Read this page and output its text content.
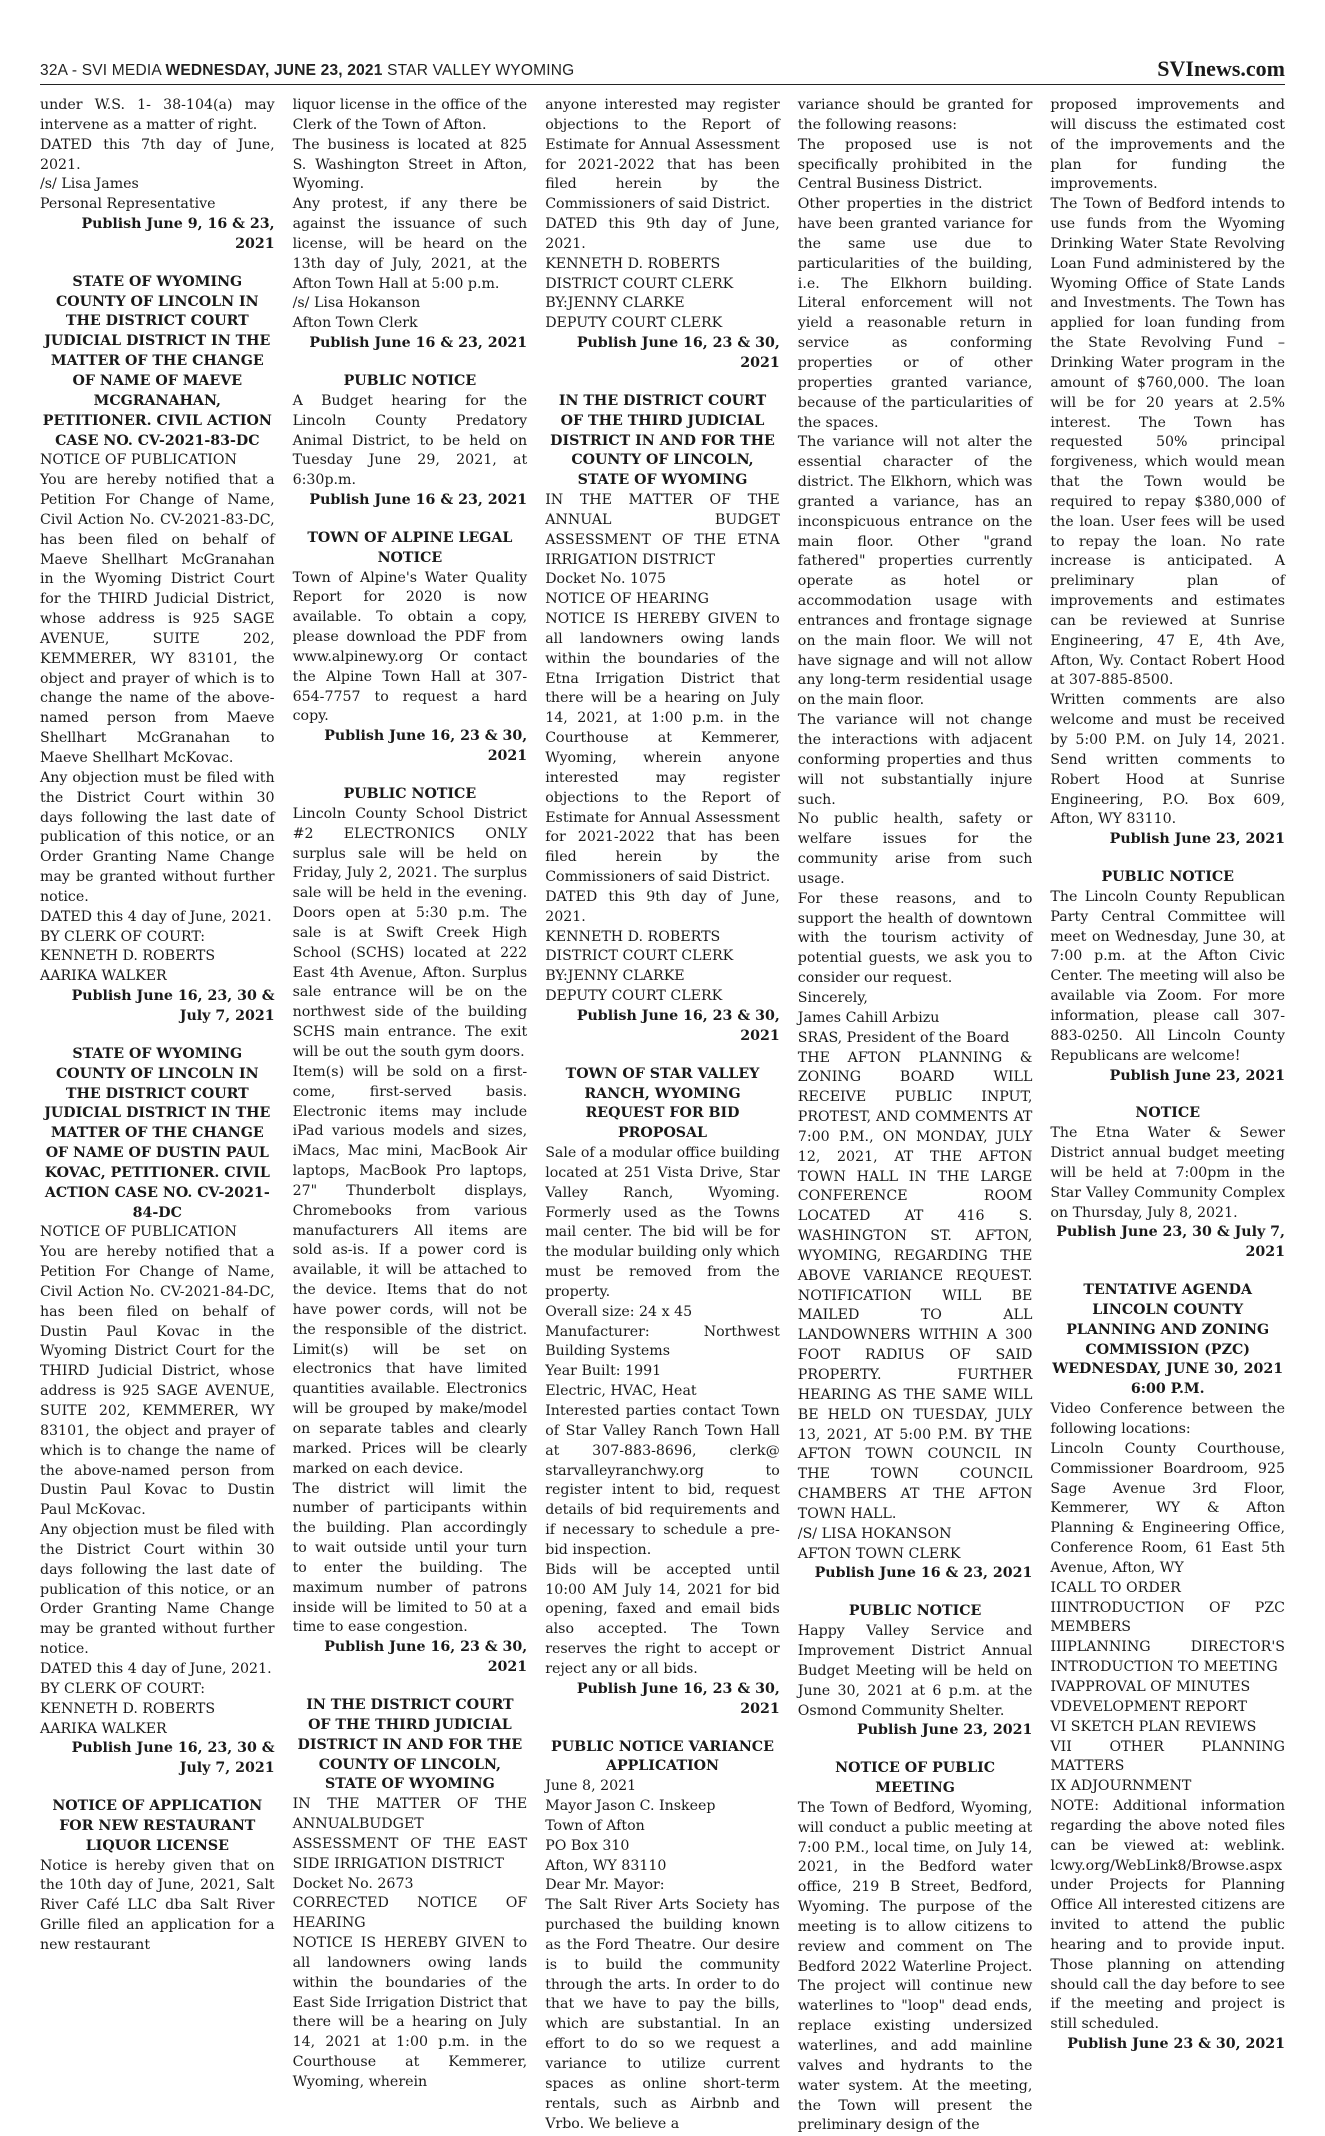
32A - SVI MEDIA WEDNESDAY, JUNE 23, 2021 STAR VALLEY WYOMING	SVInews.com

under W.S. 1- 38-104(a) may intervene as a matter of right.

DATED this 7th day of June, 2021.

/s/ Lisa James

Personal Representative

Publish June 9, 16 & 23, 2021

STATE OF WYOMING COUNTY OF LINCOLN IN THE DISTRICT COURT JUDICIAL DISTRICT IN THE MATTER OF THE CHANGE OF NAME OF MAEVE MCGRANAHAN, PETITIONER. CIVIL ACTION CASE NO. CV-2021-83-DC

NOTICE OF PUBLICATION

You are hereby notified that a Petition For Change of Name, Civil Action No. CV-2021-83-DC, has been filed on behalf of Maeve Shellhart McGranahan in the Wyoming District Court for the THIRD Judicial District, whose address is 925 SAGE AVENUE, SUITE 202, KEMMERER, WY 83101, the object and prayer of which is to change the name of the above-named person from Maeve Shellhart McGranahan to Maeve Shellhart McKovac.

Any objection must be filed with the District Court within 30 days following the last date of publication of this notice, or an Order Granting Name Change may be granted without further notice.

DATED this 4 day of June, 2021.

BY CLERK OF COURT:

KENNETH D. ROBERTS

AARIKA WALKER

Publish June 16, 23, 30 & July 7, 2021

STATE OF WYOMING COUNTY OF LINCOLN IN THE DISTRICT COURT JUDICIAL DISTRICT IN THE MATTER OF THE CHANGE OF NAME OF DUSTIN PAUL KOVAC, PETITIONER. CIVIL ACTION CASE NO. CV-2021-84-DC

NOTICE OF PUBLICATION

You are hereby notified that a Petition For Change of Name, Civil Action No. CV-2021-84-DC, has been filed on behalf of Dustin Paul Kovac in the Wyoming District Court for the THIRD Judicial District, whose address is 925 SAGE AVENUE, SUITE 202, KEMMERER, WY 83101, the object and prayer of which is to change the name of the above-named person from Dustin Paul Kovac to Dustin Paul McKovac.

Any objection must be filed with the District Court within 30 days following the last date of publication of this notice, or an Order Granting Name Change may be granted without further notice.

DATED this 4 day of June, 2021.

BY CLERK OF COURT:

KENNETH D. ROBERTS

AARIKA WALKER

Publish June 16, 23, 30 & July 7, 2021

NOTICE OF APPLICATION FOR NEW RESTAURANT LIQUOR LICENSE

Notice is hereby given that on the 10th day of June, 2021, Salt River Café LLC dba Salt River Grille filed an application for a new restaurant

liquor license in the office of the Clerk of the Town of Afton.

The business is located at 825 S. Washington Street in Afton, Wyoming.

Any protest, if any there be against the issuance of such license, will be heard on the 13th day of July, 2021, at the Afton Town Hall at 5:00 p.m.

/s/ Lisa Hokanson

Afton Town Clerk

Publish June 16 & 23, 2021

PUBLIC NOTICE

A Budget hearing for the Lincoln County Predatory Animal District, to be held on Tuesday June 29, 2021, at 6:30p.m.

Publish June 16 & 23, 2021

TOWN OF ALPINE LEGAL NOTICE

Town of Alpine's Water Quality Report for 2020 is now available. To obtain a copy, please download the PDF from www.alpinewy.org Or contact the Alpine Town Hall at 307-654-7757 to request a hard copy.

Publish June 16, 23 & 30, 2021

PUBLIC NOTICE

Lincoln County School District #2 ELECTRONICS ONLY surplus sale will be held on Friday, July 2, 2021. The surplus sale will be held in the evening. Doors open at 5:30 p.m. The sale is at Swift Creek High School (SCHS) located at 222 East 4th Avenue, Afton. Surplus sale entrance will be on the northwest side of the building SCHS main entrance. The exit will be out the south gym doors.

Item(s) will be sold on a first-come, first-served basis. Electronic items may include iPad various models and sizes, iMacs, Mac mini, MacBook Air laptops, MacBook Pro laptops, 27" Thunderbolt displays, Chromebooks from various manufacturers All items are sold as-is. If a power cord is available, it will be attached to the device. Items that do not have power cords, will not be the responsible of the district. Limit(s) will be set on electronics that have limited quantities available. Electronics will be grouped by make/model on separate tables and clearly marked. Prices will be clearly marked on each device.

The district will limit the number of participants within the building. Plan accordingly to wait outside until your turn to enter the building. The maximum number of patrons inside will be limited to 50 at a time to ease congestion.

Publish June 16, 23 & 30, 2021

IN THE DISTRICT COURT OF THE THIRD JUDICIAL DISTRICT IN AND FOR THE COUNTY OF LINCOLN, STATE OF WYOMING

IN THE MATTER OF THE ANNUALBUDGET ASSESSMENT OF THE EAST SIDE IRRIGATION DISTRICT

Docket No. 2673

CORRECTED NOTICE OF HEARING

NOTICE IS HEREBY GIVEN to all landowners owing lands within the boundaries of the East Side Irrigation District that there will be a hearing on July 14, 2021 at 1:00 p.m. in the Courthouse at Kemmerer, Wyoming, wherein

anyone interested may register objections to the Report of Estimate for Annual Assessment for 2021-2022 that has been filed herein by the Commissioners of said District.

DATED this 9th day of June, 2021.

KENNETH D. ROBERTS

DISTRICT COURT CLERK

BY:JENNY CLARKE

DEPUTY COURT CLERK

Publish June 16, 23 & 30, 2021

IN THE DISTRICT COURT OF THE THIRD JUDICIAL DISTRICT IN AND FOR THE COUNTY OF LINCOLN, STATE OF WYOMING

IN THE MATTER OF THE ANNUAL BUDGET ASSESSMENT OF THE ETNA IRRIGATION DISTRICT

Docket No. 1075

NOTICE OF HEARING

NOTICE IS HEREBY GIVEN to all landowners owing lands within the boundaries of the Etna Irrigation District that there will be a hearing on July 14, 2021, at 1:00 p.m. in the Courthouse at Kemmerer, Wyoming, wherein anyone interested may register objections to the Report of Estimate for Annual Assessment for 2021-2022 that has been filed herein by the Commissioners of said District.

DATED this 9th day of June, 2021.

KENNETH D. ROBERTS

DISTRICT COURT CLERK

BY:JENNY CLARKE

DEPUTY COURT CLERK

Publish June 16, 23 & 30, 2021

TOWN OF STAR VALLEY RANCH, WYOMING REQUEST FOR BID PROPOSAL

Sale of a modular office building located at 251 Vista Drive, Star Valley Ranch, Wyoming. Formerly used as the Towns mail center. The bid will be for the modular building only which must be removed from the property.

Overall size: 24 x 45

Manufacturer: Northwest Building Systems

Year Built: 1991

Electric, HVAC, Heat

Interested parties contact Town of Star Valley Ranch Town Hall at 307-883-8696, clerk@ starvalleyranchwy.org to register intent to bid, request details of bid requirements and if necessary to schedule a pre-bid inspection.

Bids will be accepted until 10:00 AM July 14, 2021 for bid opening, faxed and email bids also accepted. The Town reserves the right to accept or reject any or all bids.

Publish June 16, 23 & 30, 2021

PUBLIC NOTICE VARIANCE APPLICATION

June 8, 2021

Mayor Jason C. Inskeep

Town of Afton

PO Box 310

Afton, WY 83110

Dear Mr. Mayor:

The Salt River Arts Society has purchased the building known as the Ford Theatre. Our desire is to build the community through the arts. In order to do that we have to pay the bills, which are substantial. In an effort to do so we request a variance to utilize current spaces as online short-term rentals, such as Airbnb and Vrbo. We believe a

variance should be granted for the following reasons:

The proposed use is not specifically prohibited in the Central Business District.

Other properties in the district have been granted variance for the same use due to particularities of the building, i.e. The Elkhorn building. Literal enforcement will not yield a reasonable return in service as conforming properties or of other properties granted variance, because of the particularities of the spaces.

The variance will not alter the essential character of the district. The Elkhorn, which was granted a variance, has an inconspicuous entrance on the main floor. Other "grand fathered" properties currently operate as hotel or accommodation usage with entrances and frontage signage on the main floor. We will not have signage and will not allow any long-term residential usage on the main floor.

The variance will not change the interactions with adjacent conforming properties and thus will not substantially injure such.

No public health, safety or welfare issues for the community arise from such usage.

For these reasons, and to support the health of downtown with the tourism activity of potential guests, we ask you to consider our request.

Sincerely,

James Cahill Arbizu

SRAS, President of the Board

THE AFTON PLANNING & ZONING BOARD WILL RECEIVE PUBLIC INPUT, PROTEST, AND COMMENTS AT 7:00 P.M., ON MONDAY, JULY 12, 2021, AT THE AFTON TOWN HALL IN THE LARGE CONFERENCE ROOM LOCATED AT 416 S. WASHINGTON ST. AFTON, WYOMING, REGARDING THE ABOVE VARIANCE REQUEST. NOTIFICATION WILL BE MAILED TO ALL LANDOWNERS WITHIN A 300 FOOT RADIUS OF SAID PROPERTY. FURTHER HEARING AS THE SAME WILL BE HELD ON TUESDAY, JULY 13, 2021, AT 5:00 P.M. BY THE AFTON TOWN COUNCIL IN THE TOWN COUNCIL CHAMBERS AT THE AFTON TOWN HALL.

/S/ LISA HOKANSON

AFTON TOWN CLERK

Publish June 16 & 23, 2021

PUBLIC NOTICE

Happy Valley Service and Improvement District Annual Budget Meeting will be held on June 30, 2021 at 6 p.m. at the Osmond Community Shelter.

Publish June 23, 2021

NOTICE OF PUBLIC MEETING

The Town of Bedford, Wyoming, will conduct a public meeting at 7:00 P.M., local time, on July 14, 2021, in the Bedford water office, 219 B Street, Bedford, Wyoming. The purpose of the meeting is to allow citizens to review and comment on The Bedford 2022 Waterline Project. The project will continue new waterlines to "loop" dead ends, replace existing undersized waterlines, and add mainline valves and hydrants to the water system. At the meeting, the Town will present the preliminary design of the

proposed improvements and will discuss the estimated cost of the improvements and the plan for funding the improvements.

The Town of Bedford intends to use funds from the Wyoming Drinking Water State Revolving Loan Fund administered by the Wyoming Office of State Lands and Investments. The Town has applied for loan funding from the State Revolving Fund – Drinking Water program in the amount of $760,000. The loan will be for 20 years at 2.5% interest. The Town has requested 50% principal forgiveness, which would mean that the Town would be required to repay $380,000 of the loan. User fees will be used to repay the loan. No rate increase is anticipated. A preliminary plan of improvements and estimates can be reviewed at Sunrise Engineering, 47 E, 4th Ave, Afton, Wy. Contact Robert Hood at 307-885-8500.

Written comments are also welcome and must be received by 5:00 P.M. on July 14, 2021. Send written comments to Robert Hood at Sunrise Engineering, P.O. Box 609, Afton, WY 83110.

Publish June 23, 2021

PUBLIC NOTICE

The Lincoln County Republican Party Central Committee will meet on Wednesday, June 30, at 7:00 p.m. at the Afton Civic Center. The meeting will also be available via Zoom. For more information, please call 307-883-0250. All Lincoln County Republicans are welcome!

Publish June 23, 2021

NOTICE

The Etna Water & Sewer District annual budget meeting will be held at 7:00pm in the Star Valley Community Complex on Thursday, July 8, 2021.

Publish June 23, 30 & July 7, 2021

TENTATIVE AGENDA LINCOLN COUNTY PLANNING AND ZONING COMMISSION (PZC) WEDNESDAY, JUNE 30, 2021 6:00 P.M.

Video Conference between the following locations:

Lincoln County Courthouse, Commissioner Boardroom, 925 Sage Avenue 3rd Floor, Kemmerer, WY & Afton Planning & Engineering Office, Conference Room, 61 East 5th Avenue, Afton, WY

ICALL TO ORDER

IIINTRODUCTION OF PZC MEMBERS

IIIPLANNING DIRECTOR'S INTRODUCTION TO MEETING

IVAPPROVAL OF MINUTES

VDEVELOPMENT REPORT

VI SKETCH PLAN REVIEWS

VII OTHER PLANNING MATTERS

IX ADJOURNMENT

NOTE: Additional information regarding the above noted files can be viewed at: weblink. lcwy.org/WebLink8/Browse.aspx under Projects for Planning Office All interested citizens are invited to attend the public hearing and to provide input. Those planning on attending should call the day before to see if the meeting and project is still scheduled.

Publish June 23 & 30, 2021
